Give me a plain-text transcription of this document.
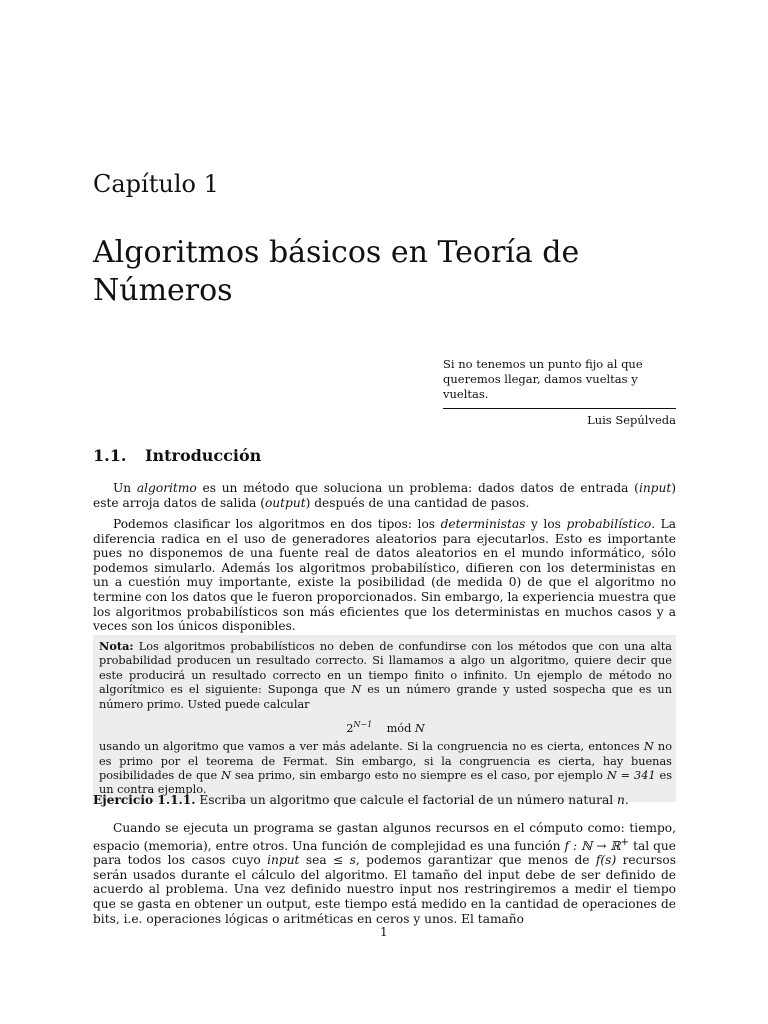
Capítulo 1
Algoritmos básicos en Teoría de Números
Si no tenemos un punto fijo al que queremos llegar, damos vueltas y vueltas.
Luis Sepúlveda
1.1. Introducción

Un algoritmo es un método que soluciona un problema: dados datos de entrada (input) este arroja datos de salida (output) después de una cantidad de pasos.

Podemos clasificar los algoritmos en dos tipos: los deterministas y los probabilístico. La diferencia radica en el uso de generadores aleatorios para ejecutarlos. Esto es importante pues no disponemos de una fuente real de datos aleatorios en el mundo informático, sólo podemos simularlo. Además los algoritmos probabilístico, difieren con los deterministas en un a cuestión muy importante, existe la posibilidad (de medida 0) de que el algoritmo no termine con los datos que le fueron proporcionados. Sin embargo, la experiencia muestra que los algoritmos probabilísticos son más eficientes que los deterministas en muchos casos y a veces son los únicos disponibles.

Nota: Los algoritmos probabilísticos no deben de confundirse con los métodos que con una alta probabilidad producen un resultado correcto. Si llamamos a algo un algoritmo, quiere decir que este producirá un resultado correcto en un tiempo finito o infinito. Un ejemplo de método no algorítmico es el siguiente: Suponga que N es un número grande y usted sospecha que es un número primo. Usted puede calcular

$2^{N-1}$ mód N

usando un algoritmo que vamos a ver más adelante. Si la congruencia no es cierta, entonces N no es primo por el teorema de Fermat. Sin embargo, si la congruencia es cierta, hay buenas posibilidades de que N sea primo, sin embargo esto no siempre es el caso, por ejemplo N = 341 es un contra ejemplo.

Ejercicio 1.1.1. Escriba un algoritmo que calcule el factorial de un número natural n.

Cuando se ejecuta un programa se gastan algunos recursos en el cómputo como: tiempo, espacio (memoria), entre otros. Una función de complejidad es una función f : ℕ → ℝ+ tal que para todos los casos cuyo input sea ≤ s, podemos garantizar que menos de f(s) recursos serán usados durante el cálculo del algoritmo. El tamaño del input debe de ser definido de acuerdo al problema. Una vez definido nuestro input nos restringiremos a medir el tiempo que se gasta en obtener un output, este tiempo está medido en la cantidad de operaciones de bits, i.e. operaciones lógicas o aritméticas en ceros y unos. El tamaño

1
